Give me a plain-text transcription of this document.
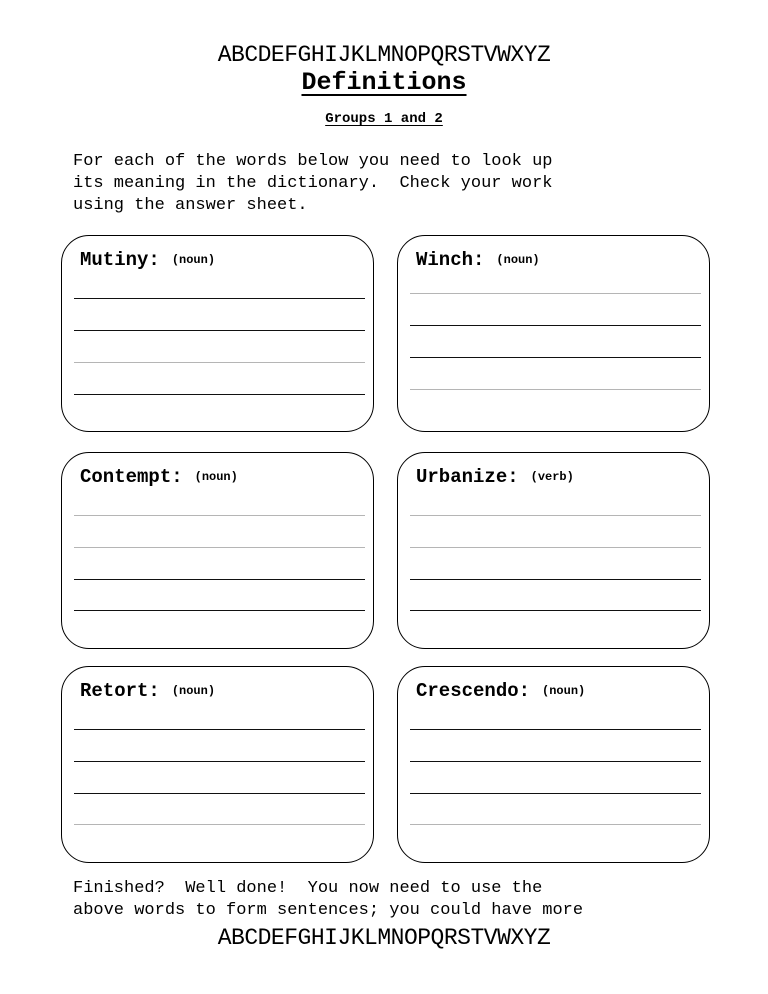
ABCDEFGHIJKLMNOPQRSTVWXYZ
Definitions
Groups 1 and 2
For each of the words below you need to look up
its meaning in the dictionary.  Check your work
using the answer sheet.
Mutiny: (noun)	Winch: (noun)
Contempt: (noun)	Urbanize: (verb)
Retort: (noun)	Crescendo: (noun)
Finished?  Well done!  You now need to use the
above words to form sentences; you could have more
ABCDEFGHIJKLMNOPQRSTVWXYZ
